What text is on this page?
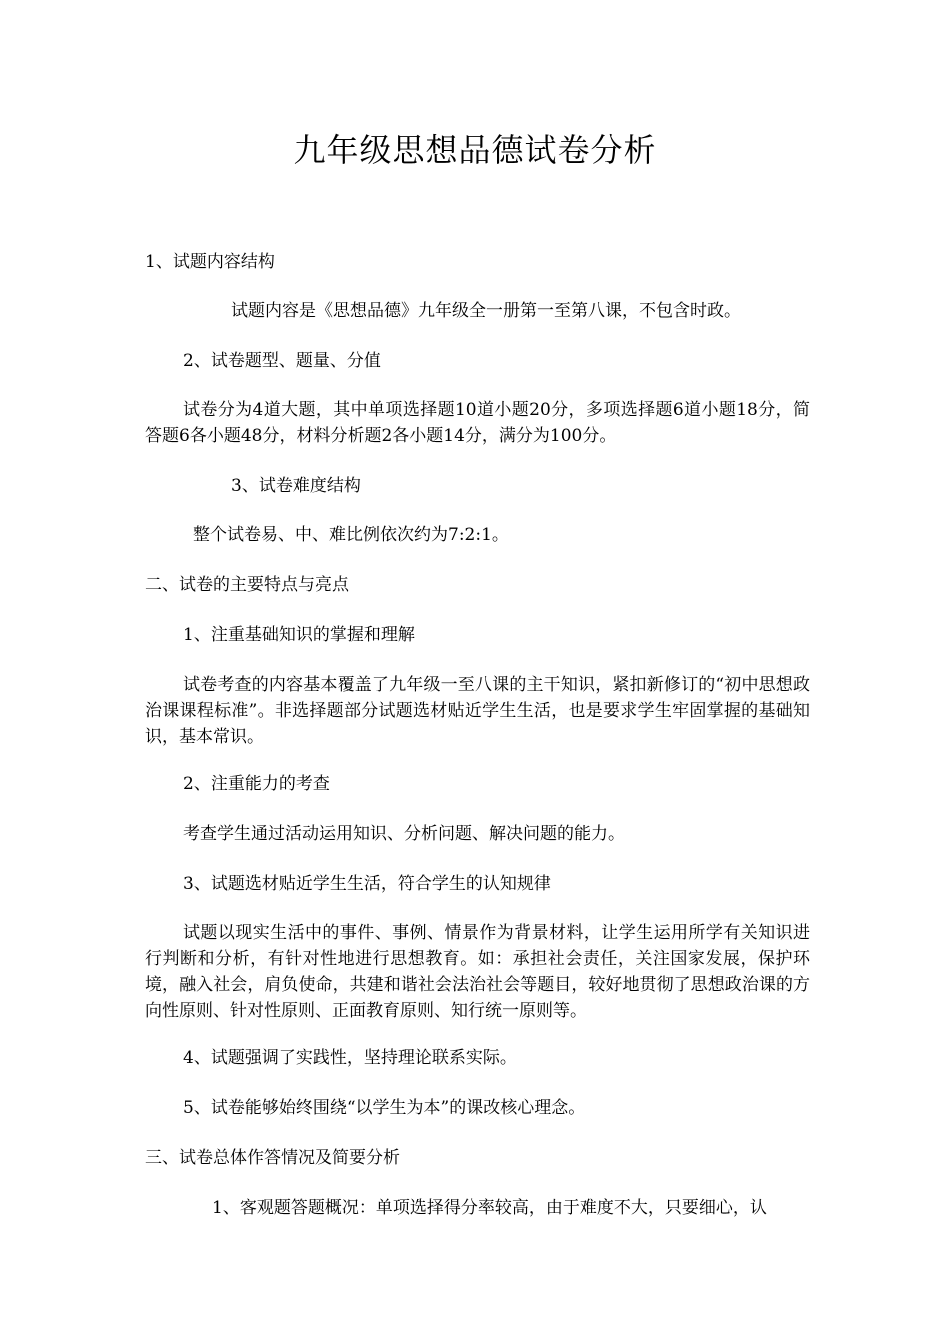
九年级思想品德试卷分析

1、试题内容结构

试题内容是《思想品德》九年级全一册第一至第八课，不包含时政。

2、试卷题型、题量、分值

试卷分为4道大题，其中单项选择题10道小题20分，多项选择题6道小题18分，简答题6各小题48分，材料分析题2各小题14分，满分为100分。

3、试卷难度结构

整个试卷易、中、难比例依次约为7:2:1。

二、试卷的主要特点与亮点

1、注重基础知识的掌握和理解

试卷考查的内容基本覆盖了九年级一至八课的主干知识，紧扣新修订的“初中思想政治课课程标准”。非选择题部分试题选材贴近学生生活，也是要求学生牢固掌握的基础知识，基本常识。

2、注重能力的考查

考查学生通过活动运用知识、分析问题、解决问题的能力。

3、试题选材贴近学生生活，符合学生的认知规律

试题以现实生活中的事件、事例、情景作为背景材料，让学生运用所学有关知识进行判断和分析，有针对性地进行思想教育。如：承担社会责任，关注国家发展，保护环境，融入社会，肩负使命，共建和谐社会法治社会等题目，较好地贯彻了思想政治课的方向性原则、针对性原则、正面教育原则、知行统一原则等。

4、试题强调了实践性，坚持理论联系实际。

5、试卷能够始终围绕“以学生为本”的课改核心理念。

三、试卷总体作答情况及简要分析

1、客观题答题概况：单项选择得分率较高，由于难度不大，只要细心，认
